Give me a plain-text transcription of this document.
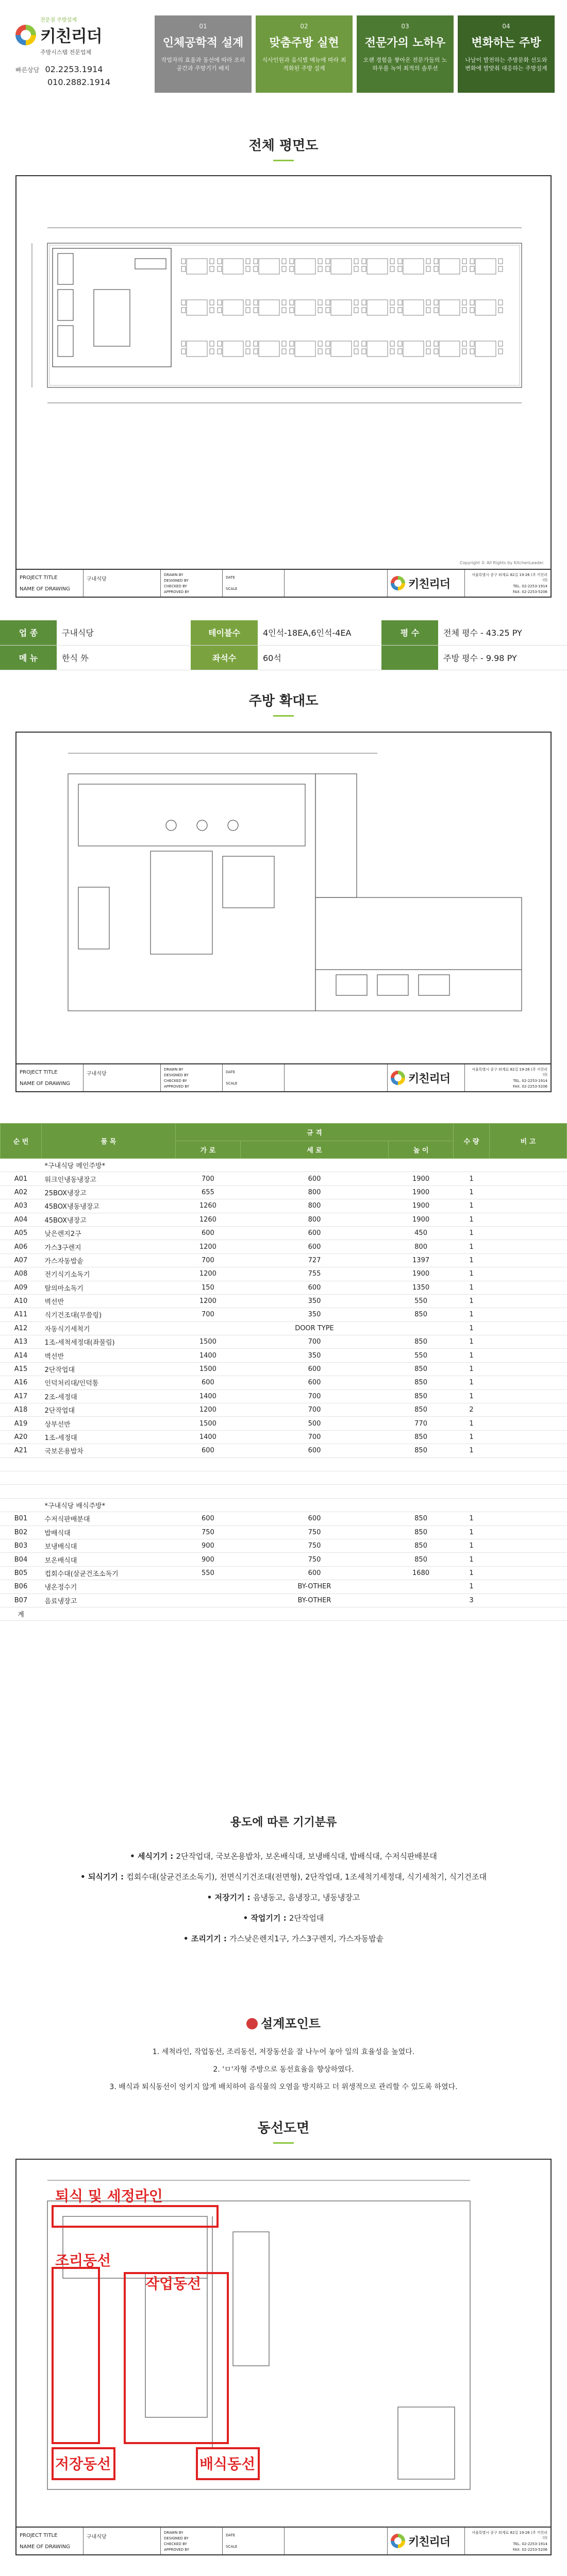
전문점 주방설계
키친리더
주방시스템 전문업체
빠른상담 02.2253.1914
010.2882.1914
01
인체공학적 설계
작업자의 효율과 동선에 따라 조리공간과 주방기기 배치
02
맞춤주방 실현
식사인원과 음식별 메뉴에 따라 최적화된 주방 설계
03
전문가의 노하우
오랜 경험을 쌓아온 전문가들의 노하우를 녹여 최적의 솔루션
04
변화하는 주방
나날이 발전하는 주방문화 선도와 변화에 발맞춰 대응하는 주방설계
전체 평면도
Copyright © All Rights by KitchenLeader.
PROJECT TITLE
NAME OF DRAWING
구내식당

DRAWN BY
DESIGNED BY
CHECKED BY
APPROVED BY
DATE
SCALE	키친리더
서울특별시 중구 퇴계로 82길 19-26 (주 키친리더)
TEL. 02-2253-1914
FAX. 02-2253-5206
업 종	구내식당	테이블수	4인석-18EA,6인석-4EA	평 수	전체 평수 - 43.25 PY
메 뉴	한식 外	좌석수	60석		주방 평수 - 9.98 PY
주방 확대도
PROJECT TITLE
NAME OF DRAWING
구내식당

DRAWN BY
DESIGNED BY
CHECKED BY
APPROVED BY
DATE
SCALE	키친리더
서울특별시 중구 퇴계로 82길 19-26 (주 키친리더)
TEL. 02-2253-1914
FAX. 02-2253-5206
순 번	품 목	규 격			수 량	비 고
		가 로	세 로	높 이		
	*구내식당 메인주방*					
A01	워크인냉동냉장고	700	600	1900	1	
A02	25BOX냉장고	655	800	1900	1	
A03	45BOX냉동냉장고	1260	800	1900	1	
A04	45BOX냉장고	1260	800	1900	1	
A05	낮은렌지2구	600	600	450	1	
A06	가스3구렌지	1200	600	800	1	
A07	가스자동밥솥	700	727	1397	1	
A08	전기식기소독기	1200	755	1900	1	
A09	탈의마소독기	150	600	1350	1	
A10	벽선반	1200	350	550	1	
A11	식기건조대(무쓸링)	700	350	850	1	
A12	자동식기세척기		DOOR TYPE		1	
A13	1조-세척세정대(좌물림)	1500	700	850	1	
A14	벽선반	1400	350	550	1	
A15	2단작업대	1500	600	850	1	
A16	인덕처리대/인덕통	600	600	850	1	
A17	2조-세정대	1400	700	850	1	
A18	2단작업대	1200	700	850	2	
A19	상부선반	1500	500	770	1	
A20	1조-세정대	1400	700	850	1	
A21	국보온용밥차	600	600	850	1	

	*구내식당 배식주방*					
B01	수저식판배분대	600	600	850	1	
B02	밥배식대	750	750	850	1	
B03	보냉배식대	900	750	850	1	
B04	보온배식대	900	750	850	1	
B05	컵회수대(살균건조소독기	550	600	1680	1	
B06	냉온정수기		BY-OTHER		1	
B07	음료냉장고		BY-OTHER		3	
계						
용도에 따른 기기분류
• 세식기기 : 2단작업대, 국보온용밥차, 보온배식대, 보냉배식대, 밥배식대, 수저식판배분대
• 되식기기 : 컵회수대(살균건조소독기), 전면식기건조대(전면형), 2단작업대, 1조세척기세정대, 식기세척기, 식기건조대
• 저장기기 : 음냉동고, 음냉장고, 냉동냉장고
• 작업기기 : 2단작업대
• 조리기기 : 가스낮은렌지1구, 가스3구렌지, 가스자동밥솥
설계포인트
1. 세척라인, 작업동선, 조리동선, 저장동선을 잘 나누어 놓아 일의 효율성을 높였다.
2. 'ㅁ'자형 주방으로 동선효율을 향상하였다.
3. 배식과 퇴식동선이 엉키지 않게 배치하여 음식물의 오염을 방지하고 더 위생적으로 관리할 수 있도록 하였다.
동선도면
퇴식 및 세정라인
조리동선
작업동선
저장동선	배식동선
PROJECT TITLE
NAME OF DRAWING
구내식당

DRAWN BY
DESIGNED BY
CHECKED BY
APPROVED BY
DATE
SCALE	키친리더
서울특별시 중구 퇴계로 82길 19-26 (주 키친리더)
TEL. 02-2253-1914
FAX. 02-2253-5206
